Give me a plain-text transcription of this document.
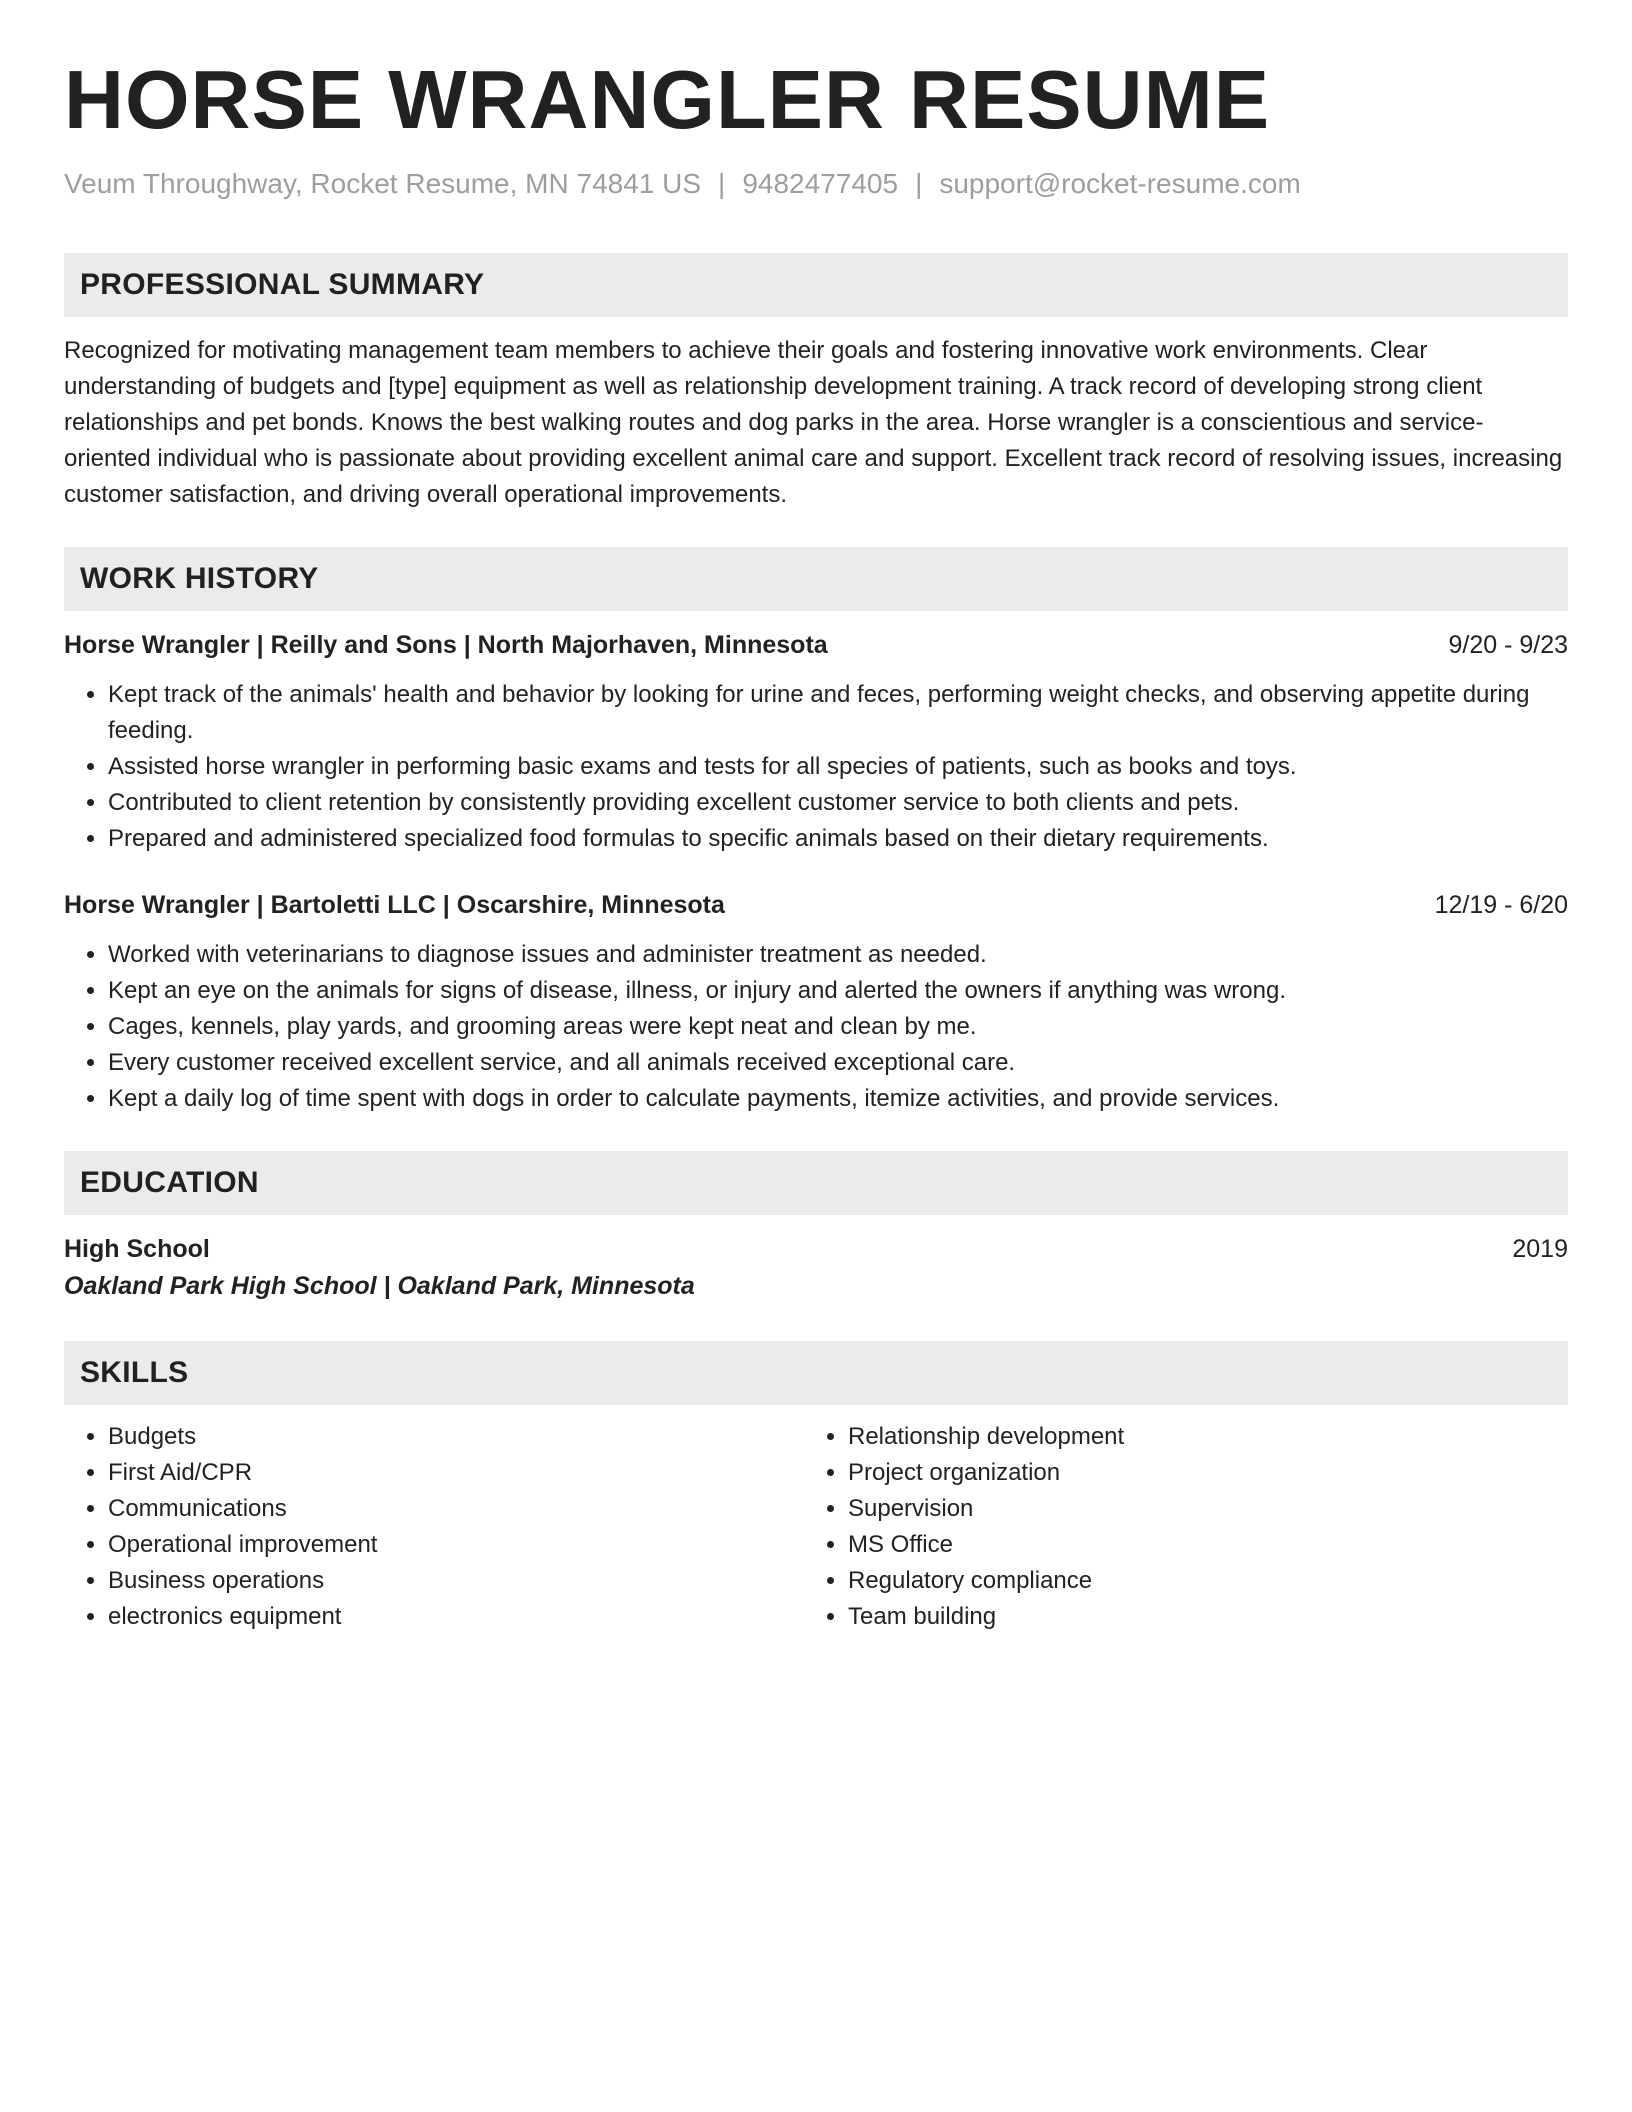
HORSE WRANGLER RESUME
Veum Throughway, Rocket Resume, MN 74841 US | 9482477405 | support@rocket-resume.com
PROFESSIONAL SUMMARY
Recognized for motivating management team members to achieve their goals and fostering innovative work environments. Clear understanding of budgets and [type] equipment as well as relationship development training. A track record of developing strong client relationships and pet bonds. Knows the best walking routes and dog parks in the area. Horse wrangler is a conscientious and service-oriented individual who is passionate about providing excellent animal care and support. Excellent track record of resolving issues, increasing customer satisfaction, and driving overall operational improvements.
WORK HISTORY
Horse Wrangler | Reilly and Sons | North Majorhaven, Minnesota	9/20 - 9/23
• Kept track of the animals' health and behavior by looking for urine and feces, performing weight checks, and observing appetite during feeding.
• Assisted horse wrangler in performing basic exams and tests for all species of patients, such as books and toys.
• Contributed to client retention by consistently providing excellent customer service to both clients and pets.
• Prepared and administered specialized food formulas to specific animals based on their dietary requirements.
Horse Wrangler | Bartoletti LLC | Oscarshire, Minnesota	12/19 - 6/20
• Worked with veterinarians to diagnose issues and administer treatment as needed.
• Kept an eye on the animals for signs of disease, illness, or injury and alerted the owners if anything was wrong.
• Cages, kennels, play yards, and grooming areas were kept neat and clean by me.
• Every customer received excellent service, and all animals received exceptional care.
• Kept a daily log of time spent with dogs in order to calculate payments, itemize activities, and provide services.
EDUCATION
High School	2019
Oakland Park High School | Oakland Park, Minnesota
SKILLS
• Budgets
• First Aid/CPR
• Communications
• Operational improvement
• Business operations
• electronics equipment
• Relationship development
• Project organization
• Supervision
• MS Office
• Regulatory compliance
• Team building
